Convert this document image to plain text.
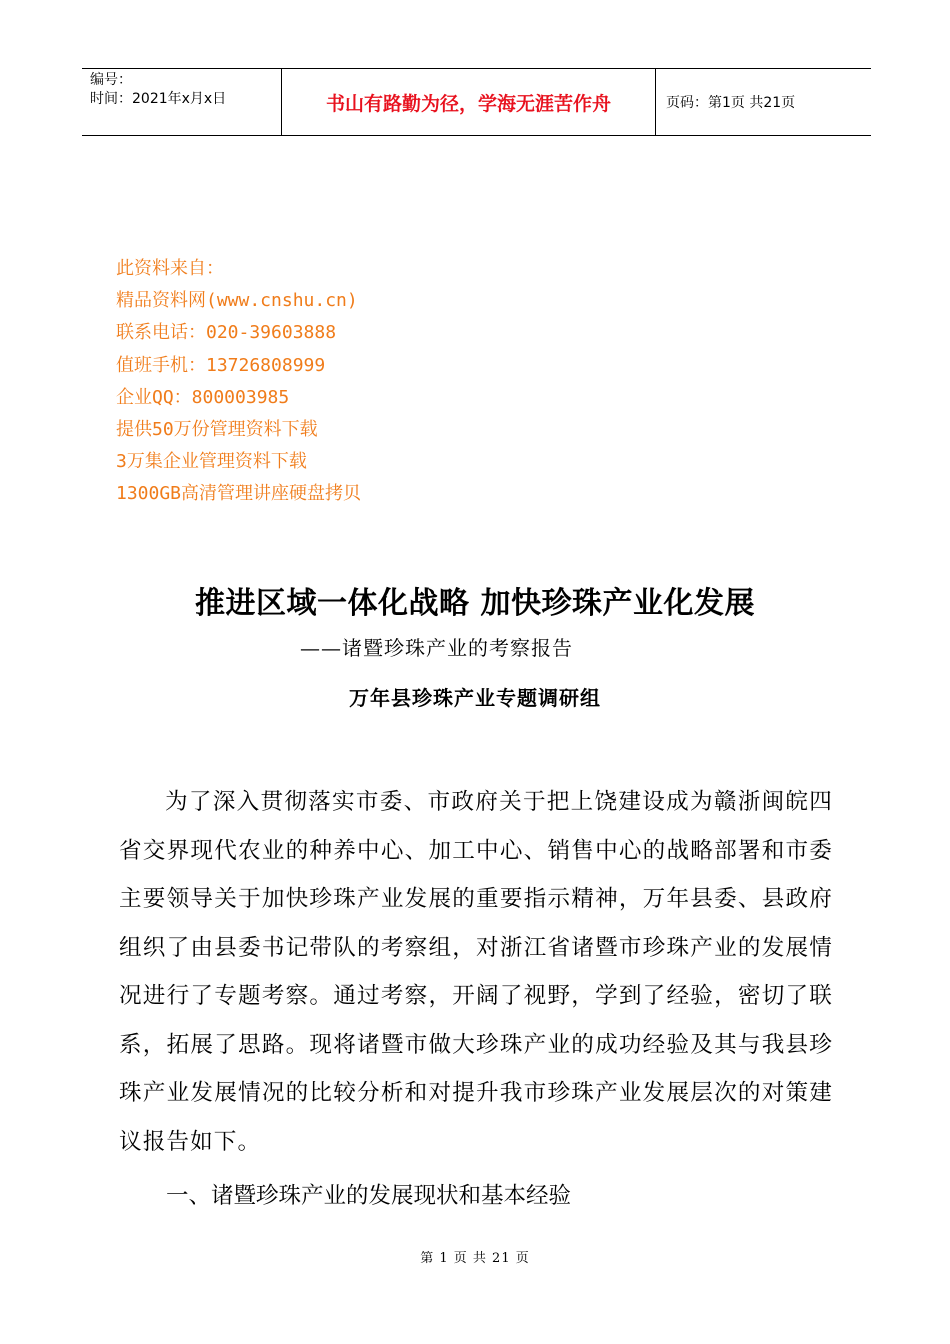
编号：
时间：2021年x月x日	书山有路勤为径，学海无涯苦作舟	页码：第1页 共21页
此资料来自：
精品资料网(www.cnshu.cn)
联系电话：020-39603888
值班手机：13726808999
企业QQ：800003985
提供50万份管理资料下载
3万集企业管理资料下载
1300GB高清管理讲座硬盘拷贝
推进区域一体化战略 加快珍珠产业化发展
——诸暨珍珠产业的考察报告
万年县珍珠产业专题调研组
为了深入贯彻落实市委、市政府关于把上饶建设成为赣浙闽皖四省交界现代农业的种养中心、加工中心、销售中心的战略部署和市委主要领导关于加快珍珠产业发展的重要指示精神，万年县委、县政府组织了由县委书记带队的考察组，对浙江省诸暨市珍珠产业的发展情况进行了专题考察。通过考察，开阔了视野，学到了经验，密切了联系，拓展了思路。现将诸暨市做大珍珠产业的成功经验及其与我县珍珠产业发展情况的比较分析和对提升我市珍珠产业发展层次的对策建议报告如下。
一、诸暨珍珠产业的发展现状和基本经验
第 1 页 共 21 页
